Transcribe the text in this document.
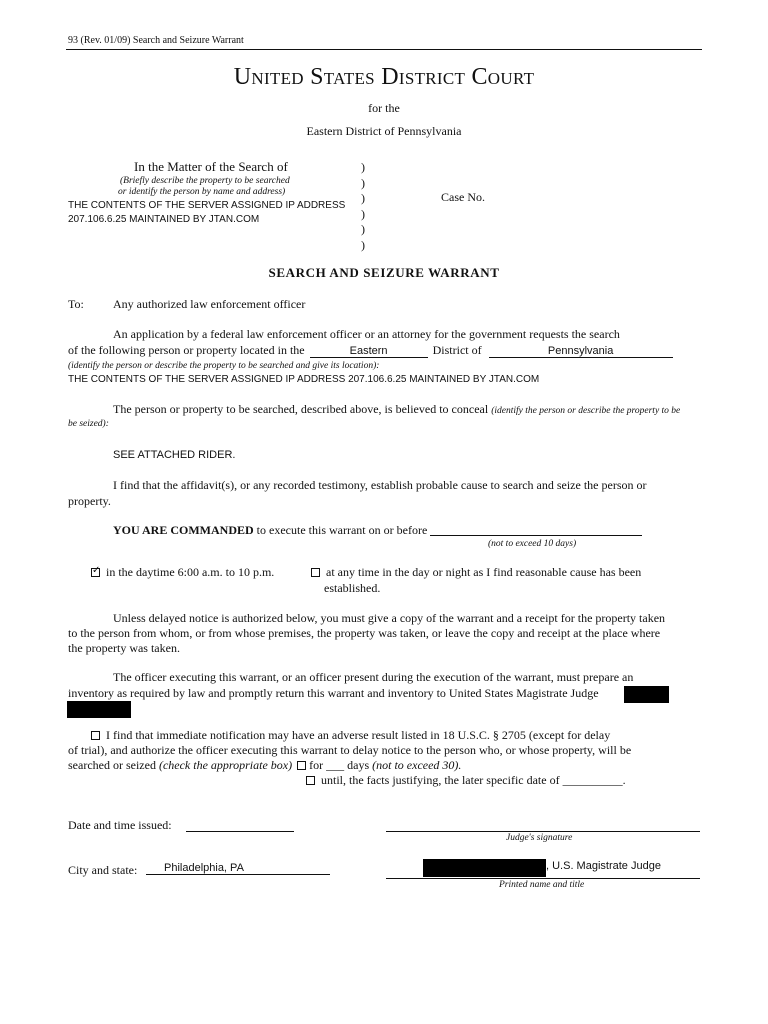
93 (Rev. 01/09) Search and Seizure Warrant
United States District Court
for the
Eastern District of Pennsylvania
In the Matter of the Search of
(Briefly describe the property to be searched
or identify the person by name and address)
THE CONTENTS OF THE SERVER ASSIGNED IP ADDRESS
207.106.6.25 MAINTAINED BY JTAN.COM
)
)
)
)
)
)
Case No.
SEARCH AND SEIZURE WARRANT
To: Any authorized law enforcement officer
An application by a federal law enforcement officer or an attorney for the government requests the search
of the following person or property located in the	Eastern	District of	Pennsylvania
(identify the person or describe the property to be searched and give its location):
THE CONTENTS OF THE SERVER ASSIGNED IP ADDRESS 207.106.6.25 MAINTAINED BY JTAN.COM
The person or property to be searched, described above, is believed to conceal (identify the person or describe the property to be
be seized):
SEE ATTACHED RIDER.
I find that the affidavit(s), or any recorded testimony, establish probable cause to search and seize the person or
property.
YOU ARE COMMANDED to execute this warrant on or before
(not to exceed 10 days)
✓ in the daytime 6:00 a.m. to 10 p.m.	at any time in the day or night as I find reasonable cause has been
established.
Unless delayed notice is authorized below, you must give a copy of the warrant and a receipt for the property taken
to the person from whom, or from whose premises, the property was taken, or leave the copy and receipt at the place where
the property was taken.
The officer executing this warrant, or an officer present during the execution of the warrant, must prepare an
inventory as required by law and promptly return this warrant and inventory to United States Magistrate Judge
I find that immediate notification may have an adverse result listed in 18 U.S.C. § 2705 (except for delay
of trial), and authorize the officer executing this warrant to delay notice to the person who, or whose property, will be
searched or seized (check the appropriate box) for ___ days (not to exceed 30).
until, the facts justifying, the later specific date of __________.
Date and time issued:
Judge's signature
City and state:	Philadelphia, PA	, U.S. Magistrate Judge
Printed name and title
